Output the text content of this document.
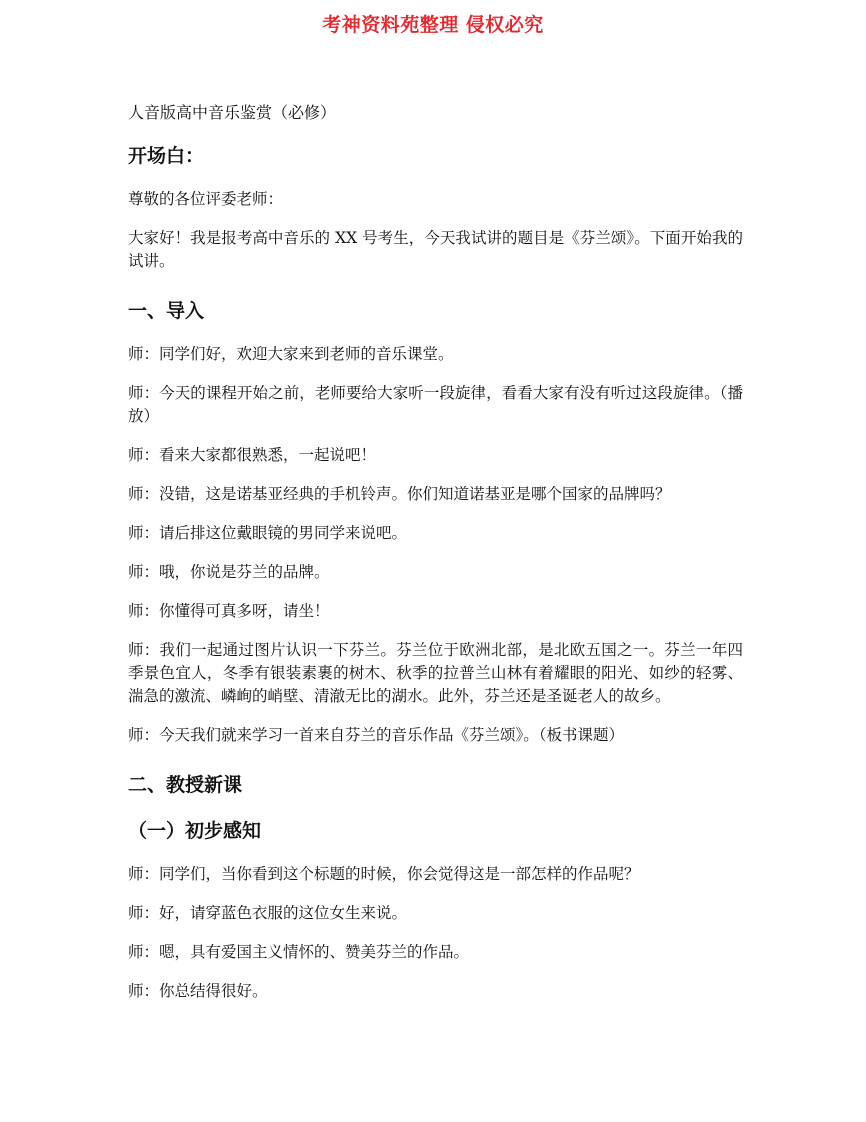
考神资料苑整理 侵权必究

人音版高中音乐鉴赏（必修）

开场白：

尊敬的各位评委老师：

大家好！我是报考高中音乐的 XX 号考生，今天我试讲的题目是《芬兰颂》。下面开始我的试讲。

一、导入

师：同学们好，欢迎大家来到老师的音乐课堂。

师：今天的课程开始之前，老师要给大家听一段旋律，看看大家有没有听过这段旋律。（播放）

师：看来大家都很熟悉，一起说吧！

师：没错，这是诺基亚经典的手机铃声。你们知道诺基亚是哪个国家的品牌吗？

师：请后排这位戴眼镜的男同学来说吧。

师：哦，你说是芬兰的品牌。

师：你懂得可真多呀，请坐！

师：我们一起通过图片认识一下芬兰。芬兰位于欧洲北部，是北欧五国之一。芬兰一年四季景色宜人，冬季有银装素裹的树木、秋季的拉普兰山林有着耀眼的阳光、如纱的轻雾、湍急的激流、嶙峋的峭壁、清澈无比的湖水。此外，芬兰还是圣诞老人的故乡。

师：今天我们就来学习一首来自芬兰的音乐作品《芬兰颂》。（板书课题）

二、教授新课
（一）初步感知

师：同学们，当你看到这个标题的时候，你会觉得这是一部怎样的作品呢？

师：好，请穿蓝色衣服的这位女生来说。

师：嗯，具有爱国主义情怀的、赞美芬兰的作品。

师：你总结得很好。
